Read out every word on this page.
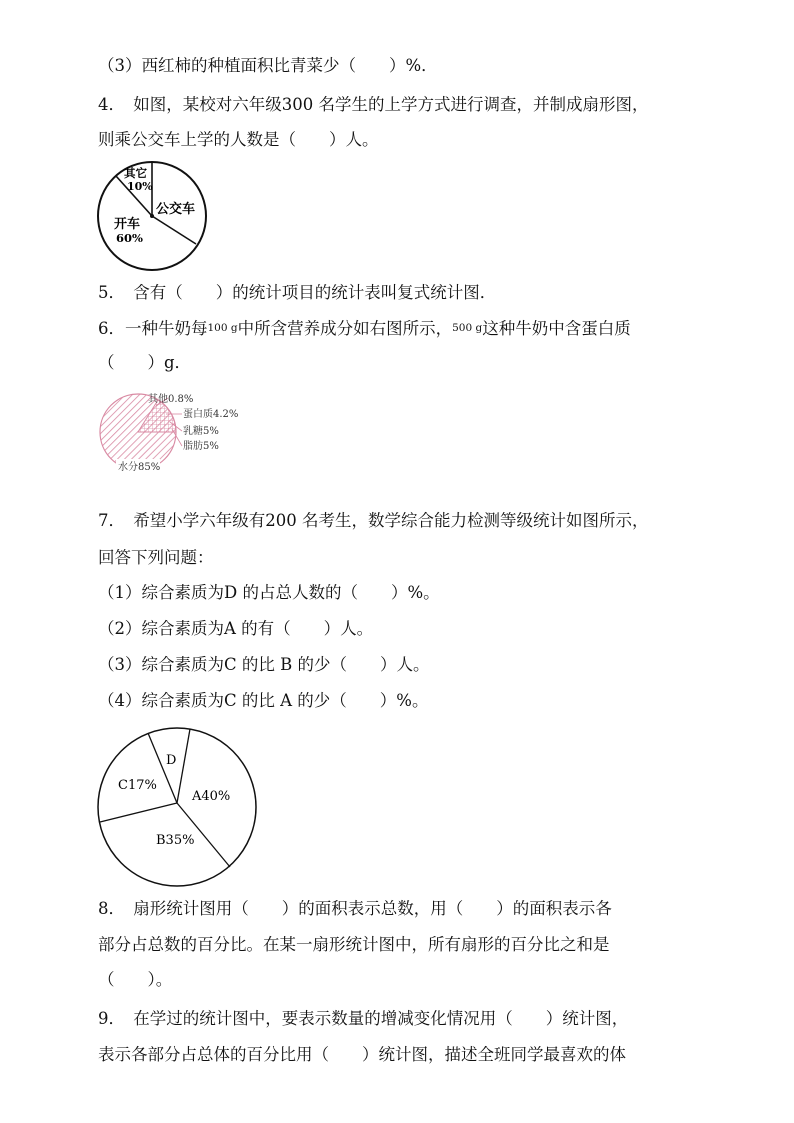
（3）西红柿的种植面积比青菜少（　　）%．
4．　如图，某校对六年级300 名学生的上学方式进行调查，并制成扇形图，
则乘公交车上学的人数是（　　）人。
其它
10%
公交车
开车
60%
5．　含有（　　）的统计项目的统计表叫复式统计图．
6．一种牛奶每100 g中所含营养成分如右图所示，500 g这种牛奶中含蛋白质
（　　）g．
其他0.8%
蛋白质4.2%
乳糖5%
脂肪5%
水分85%
7．　希望小学六年级有200 名考生，数学综合能力检测等级统计如图所示，
回答下列问题：
（1）综合素质为D 的占总人数的（　　）%。
（2）综合素质为A 的有（　　）人。
（3）综合素质为C 的比 B 的少（　　）人。
（4）综合素质为C 的比 A 的少（　　）%。
D
A40%
B35%
C17%
8．　扇形统计图用（　　）的面积表示总数，用（　　）的面积表示各
部分占总数的百分比。在某一扇形统计图中，所有扇形的百分比之和是
（　　）。
9．　在学过的统计图中，要表示数量的增减变化情况用（　　）统计图，
表示各部分占总体的百分比用（　　）统计图，描述全班同学最喜欢的体
